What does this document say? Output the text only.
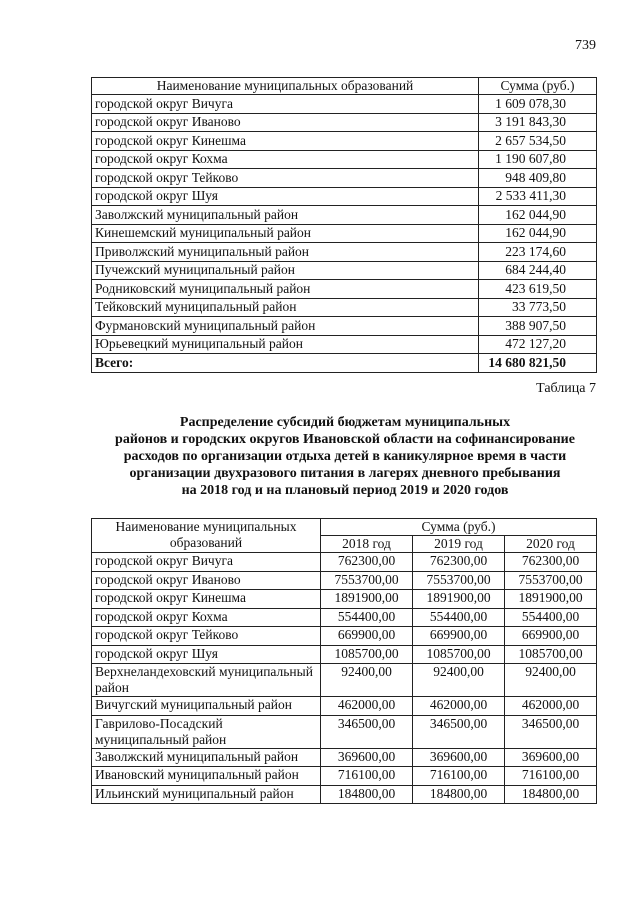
739
Наименование муниципальных образований	Сумма (руб.)
городской округ Вичуга	1 609 078,30
городской округ Иваново	3 191 843,30
городской округ Кинешма	2 657 534,50
городской округ Кохма	1 190 607,80
городской округ Тейково	948 409,80
городской округ Шуя	2 533 411,30
Заволжский муниципальный район	162 044,90
Кинешемский муниципальный район	162 044,90
Приволжский муниципальный район	223 174,60
Пучежский муниципальный район	684 244,40
Родниковский муниципальный район	423 619,50
Тейковский муниципальный район	33 773,50
Фурмановский муниципальный район	388 907,50
Юрьевецкий муниципальный район	472 127,20
Всего:	14 680 821,50
Таблица 7
Распределение субсидий бюджетам муниципальных
районов и городских округов Ивановской области на софинансирование
расходов по организации отдыха детей в каникулярное время в части
организации двухразового питания в лагерях дневного пребывания
на 2018 год и на плановый период 2019 и 2020 годов
Наименование муниципальных образований	Сумма (руб.)		
	2018 год	2019 год	2020 год
городской округ Вичуга	762300,00	762300,00	762300,00
городской округ Иваново	7553700,00	7553700,00	7553700,00
городской округ Кинешма	1891900,00	1891900,00	1891900,00
городской округ Кохма	554400,00	554400,00	554400,00
городской округ Тейково	669900,00	669900,00	669900,00
городской округ Шуя	1085700,00	1085700,00	1085700,00
Верхнеландеховский муниципальный район	92400,00	92400,00	92400,00
Вичугский муниципальный район	462000,00	462000,00	462000,00
Гаврилово-Посадский муниципальный район	346500,00	346500,00	346500,00
Заволжский муниципальный район	369600,00	369600,00	369600,00
Ивановский муниципальный район	716100,00	716100,00	716100,00
Ильинский муниципальный район	184800,00	184800,00	184800,00
